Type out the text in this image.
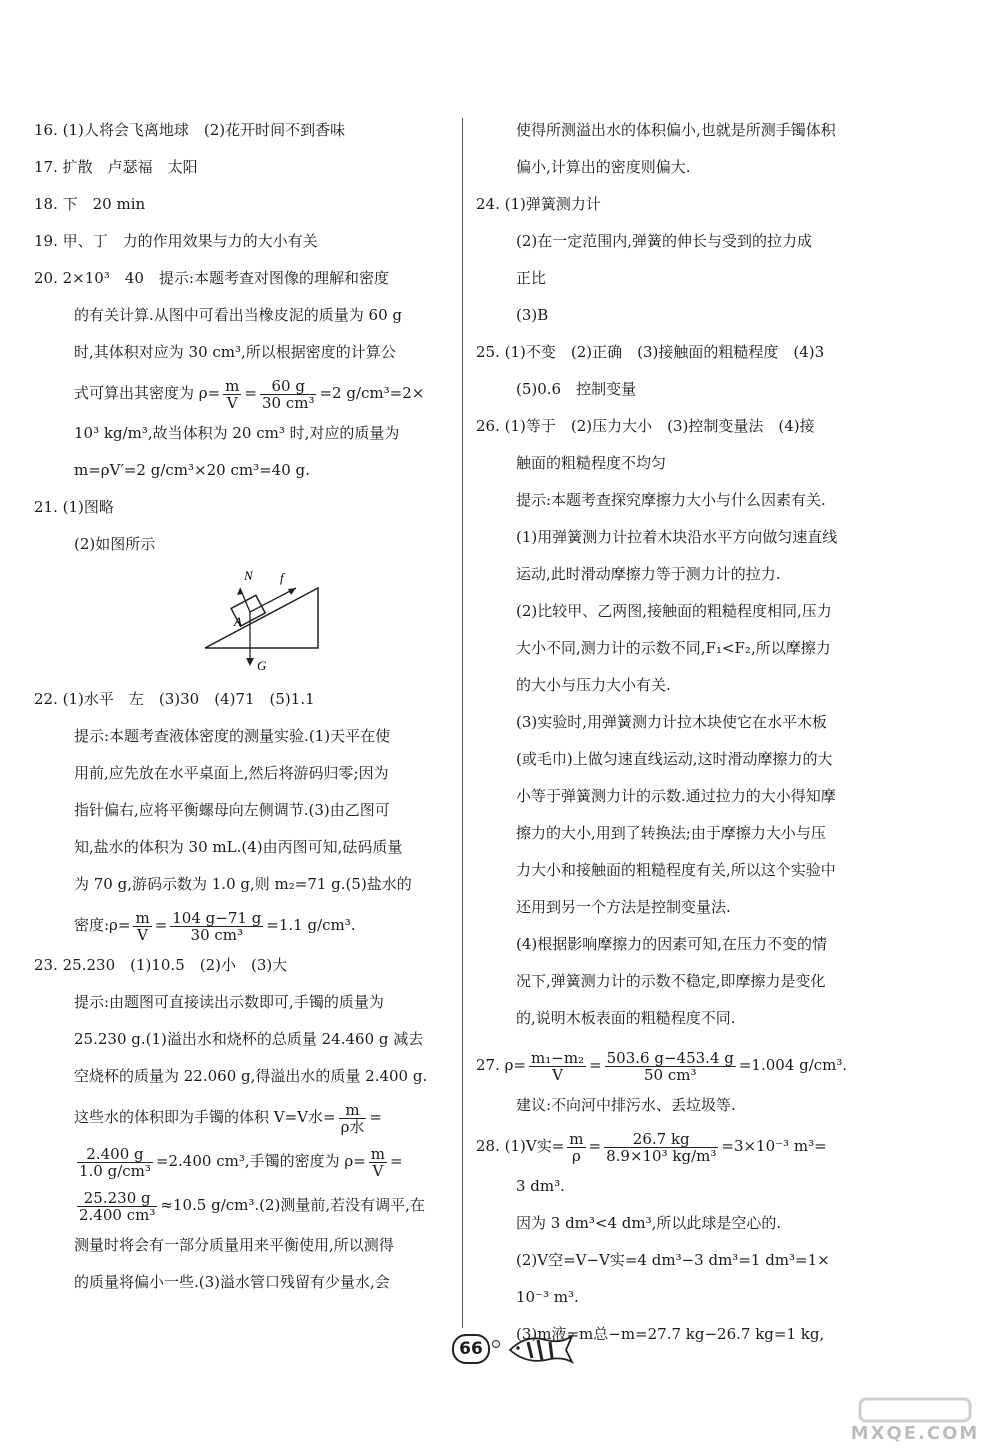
16. (1)人将会飞离地球　(2)花开时间不到香味
17. 扩散　卢瑟福　太阳
18. 下　20 min
19. 甲、丁　力的作用效果与力的大小有关
20. 2×10³　40　提示:本题考查对图像的理解和密度
的有关计算.从图中可看出当橡皮泥的质量为 60 g
时,其体积对应为 30 cm³,所以根据密度的计算公
式可算出其密度为 $\rho= \frac{m}{V} = \frac{60 g}{\text{30 cm³}} =2$ g/cm³=2×
10³ kg/m³,故当体积为 20 cm³ 时,对应的质量为
m=ρV′=2 g/cm³×20 cm³=40 g.
21. (1)图略
(2)如图所示
22. (1)水平　左　(3)30　(4)71　(5)1.1
提示:本题考查液体密度的测量实验.(1)天平在使
用前,应先放在水平桌面上,然后将游码归零;因为
指针偏右,应将平衡螺母向左侧调节.(3)由乙图可
知,盐水的体积为 30 mL.(4)由丙图可知,砝码质量
为 70 g,游码示数为 1.0 g,则 m₂=71 g.(5)盐水的
密度:ρ= $\frac{m}{V} = \frac{104 g-71 g}{\text{30 cm³}} =1.1$ g/cm³.
23. 25.230　(1)10.5　(2)小　(3)大
提示:由题图可直接读出示数即可,手镯的质量为
25.230 g.(1)溢出水和烧杯的总质量 24.460 g 减去
空烧杯的质量为 22.060 g,得溢出水的质量 2.400 g.
这些水的体积即为手镯的体积 V=V水= $\frac{m}{\text{ρ水}}$ =
$\frac{2.400 g}{\text{1.0 g/cm³}} =2.400$ cm³,手镯的密度为 $\rho= \frac{m}{V}$ =
$\frac{25.230 g}{\text{2.400 cm³}} \approx 10.5$ g/cm³.(2)测量前,若没有调平,在
测量时将会有一部分质量用来平衡使用,所以测得
的质量将偏小一些.(3)溢水管口残留有少量水,会
N f
A
G
使得所测溢出水的体积偏小,也就是所测手镯体积
偏小,计算出的密度则偏大.
24. (1)弹簧测力计
(2)在一定范围内,弹簧的伸长与受到的拉力成
正比
(3)B
25. (1)不变　(2)正确　(3)接触面的粗糙程度　(4)3
(5)0.6　控制变量
26. (1)等于　(2)压力大小　(3)控制变量法　(4)接
触面的粗糙程度不均匀
提示:本题考查探究摩擦力大小与什么因素有关.
(1)用弹簧测力计拉着木块沿水平方向做匀速直线
运动,此时滑动摩擦力等于测力计的拉力.
(2)比较甲、乙两图,接触面的粗糙程度相同,压力
大小不同,测力计的示数不同,F₁<F₂,所以摩擦力
的大小与压力大小有关.
(3)实验时,用弹簧测力计拉木块使它在水平木板
(或毛巾)上做匀速直线运动,这时滑动摩擦力的大
小等于弹簧测力计的示数.通过拉力的大小得知摩
擦力的大小,用到了转换法;由于摩擦力大小与压
力大小和接触面的粗糙程度有关,所以这个实验中
还用到另一个方法是控制变量法.
(4)根据影响摩擦力的因素可知,在压力不变的情
况下,弹簧测力计的示数不稳定,即摩擦力是变化
的,说明木板表面的粗糙程度不同.
27. $\rho= \frac{\text{m₁−m₂}}{V} = \frac{503.6 g-453.4 g}{\text{50 cm³}} =1.004$ g/cm³.
建议:不向河中排污水、丢垃圾等.
28. (1)V实= $\frac{m}{\rho} = \frac{26.7 kg}{\text{8.9×10³ kg/m³}} =3\times 10^{-3}$ m³=
3 dm³.
因为 3 dm³<4 dm³,所以此球是空心的.
(2)V空=V−V实=4 dm³−3 dm³=1 dm³=1×
10⁻³ m³.
(3)m液=m总−m=27.7 kg−26.7 kg=1 kg,
66
MXQE.COM
